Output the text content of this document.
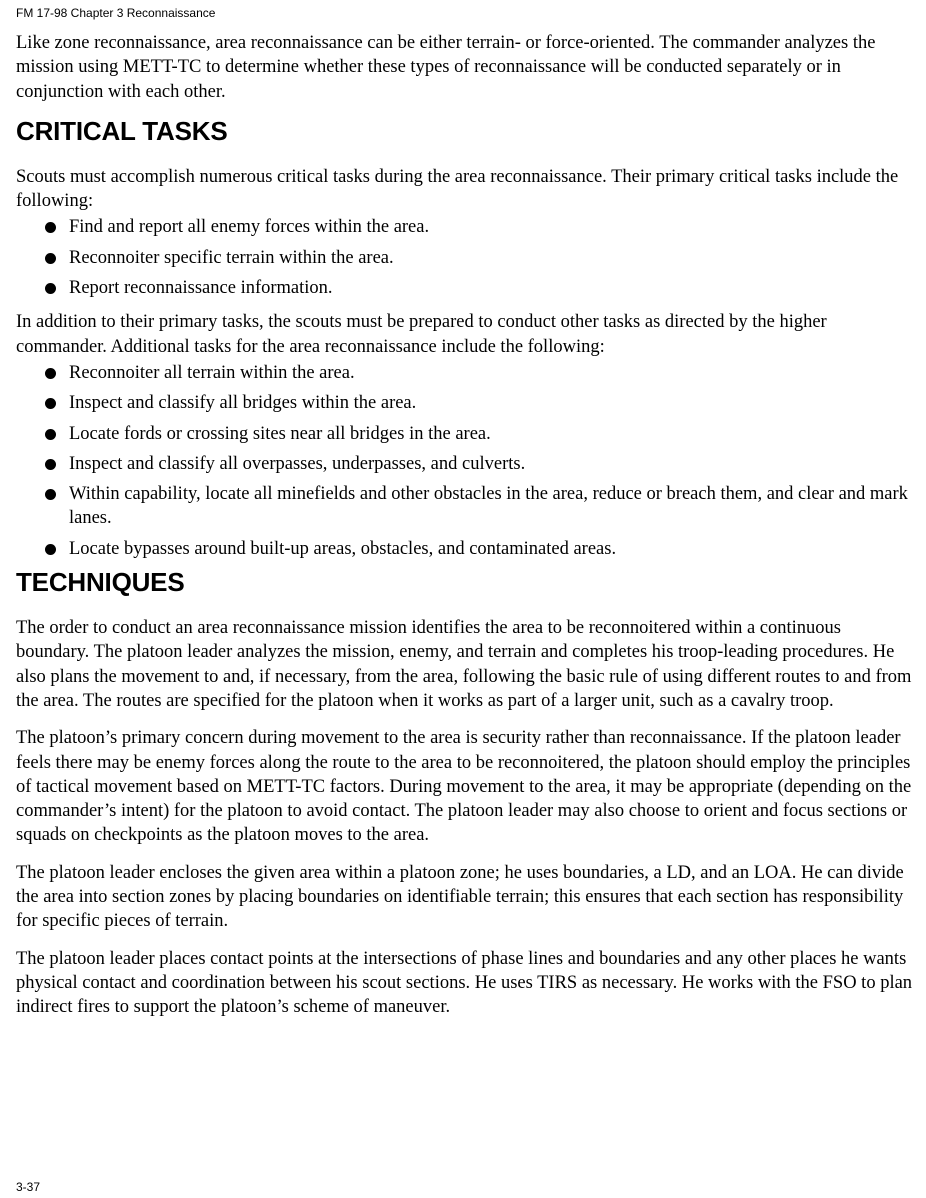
FM 17-98 Chapter 3 Reconnaissance

Like zone reconnaissance, area reconnaissance can be either terrain- or force-oriented. The commander analyzes the mission using METT-TC to determine whether these types of reconnaissance will be conducted separately or in conjunction with each other.

CRITICAL TASKS

Scouts must accomplish numerous critical tasks during the area reconnaissance. Their primary critical tasks include the following:

Find and report all enemy forces within the area.
Reconnoiter specific terrain within the area.
Report reconnaissance information.

In addition to their primary tasks, the scouts must be prepared to conduct other tasks as directed by the higher commander. Additional tasks for the area reconnaissance include the following:

Reconnoiter all terrain within the area.
Inspect and classify all bridges within the area.
Locate fords or crossing sites near all bridges in the area.
Inspect and classify all overpasses, underpasses, and culverts.
Within capability, locate all minefields and other obstacles in the area, reduce or breach them, and clear and mark lanes.
Locate bypasses around built-up areas, obstacles, and contaminated areas.
TECHNIQUES

The order to conduct an area reconnaissance mission identifies the area to be reconnoitered within a continuous boundary. The platoon leader analyzes the mission, enemy, and terrain and completes his troop-leading procedures. He also plans the movement to and, if necessary, from the area, following the basic rule of using different routes to and from the area. The routes are specified for the platoon when it works as part of a larger unit, such as a cavalry troop.

The platoon’s primary concern during movement to the area is security rather than reconnaissance. If the platoon leader feels there may be enemy forces along the route to the area to be reconnoitered, the platoon should employ the principles of tactical movement based on METT-TC factors. During movement to the area, it may be appropriate (depending on the commander’s intent) for the platoon to avoid contact. The platoon leader may also choose to orient and focus sections or squads on checkpoints as the platoon moves to the area.

The platoon leader encloses the given area within a platoon zone; he uses boundaries, a LD, and an LOA. He can divide the area into section zones by placing boundaries on identifiable terrain; this ensures that each section has responsibility for specific pieces of terrain.

The platoon leader places contact points at the intersections of phase lines and boundaries and any other places he wants physical contact and coordination between his scout sections. He uses TIRS as necessary. He works with the FSO to plan indirect fires to support the platoon’s scheme of maneuver.

3-37
